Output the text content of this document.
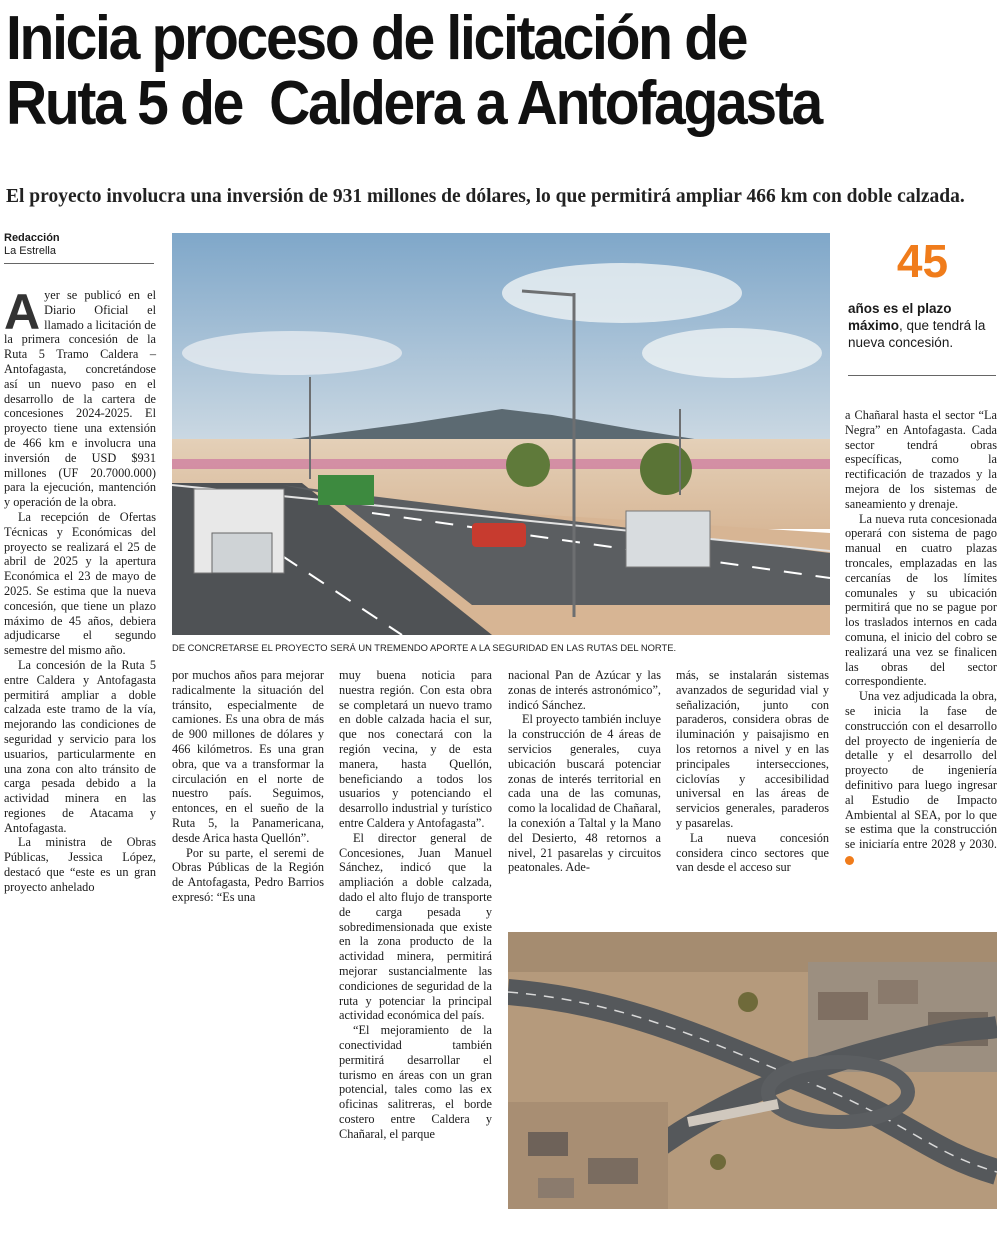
Inicia proceso de licitación de
Ruta 5 de  Caldera a Antofagasta

El proyecto involucra una inversión de 931 millones de dólares, lo que permitirá ampliar 466 km con doble calzada.

Redacción
La Estrella
DE CONCRETARSE EL PROYECTO SERÁ UN TREMENDO APORTE A LA SEGURIDAD EN LAS RUTAS DEL NORTE.
45
años es el plazo máximo, que tendrá la nueva concesión.

Ayer se publicó en el Diario Oficial el llamado a licitación de la primera concesión de la Ruta 5 Tramo Caldera – Antofagasta, concretándose así un nuevo paso en el desarrollo de la cartera de concesiones 2024-2025. El proyecto tiene una extensión de 466 km e involucra una inversión de USD $931 millones (UF 20.7000.000) para la ejecución, mantención y operación de la obra.

La recepción de Ofertas Técnicas y Económicas del proyecto se realizará el 25 de abril de 2025 y la apertura Económica el 23 de mayo de 2025. Se estima que la nueva concesión, que tiene un plazo máximo de 45 años, debiera adjudicarse el segundo semestre del mismo año.

La concesión de la Ruta 5 entre Caldera y Antofagasta permitirá ampliar a doble calzada este tramo de la vía, mejorando las condiciones de seguridad y servicio para los usuarios, particularmente en una zona con alto tránsito de carga pesada debido a la actividad minera en las regiones de Atacama y Antofagasta.

La ministra de Obras Públicas, Jessica López, destacó que “este es un gran proyecto anhelado

por muchos años para mejorar radicalmente la situación del tránsito, especialmente de camiones. Es una obra de más de 900 millones de dólares y 466 kilómetros. Es una gran obra, que va a transformar la circulación en el norte de nuestro país. Seguimos, entonces, en el sueño de la Ruta 5, la Panamericana, desde Arica hasta Quellón”.

Por su parte, el seremi de Obras Públicas de la Región de Antofagasta, Pedro Barrios expresó: “Es una

muy buena noticia para nuestra región. Con esta obra se completará un nuevo tramo en doble calzada hacia el sur, que nos conectará con la región vecina, y de esta manera, hasta Quellón, beneficiando a todos los usuarios y potenciando el desarrollo industrial y turístico entre Caldera y Antofagasta”.

El director general de Concesiones, Juan Manuel Sánchez, indicó que la ampliación a doble calzada, dado el alto flujo de transporte de carga pesada y sobredimensionada que existe en la zona producto de la actividad minera, permitirá mejorar sustancialmente las condiciones de seguridad de la ruta y potenciar la principal actividad económica del país.

“El mejoramiento de la conectividad también permitirá desarrollar el turismo en áreas con un gran potencial, tales como las ex oficinas salitreras, el borde costero entre Caldera y Chañaral, el parque

nacional Pan de Azúcar y las zonas de interés astronómico”, indicó Sánchez.

El proyecto también incluye la construcción de 4 áreas de servicios generales, cuya ubicación buscará potenciar zonas de interés territorial en cada una de las comunas, como la localidad de Chañaral, la conexión a Taltal y la Mano del Desierto, 48 retornos a nivel, 21 pasarelas y circuitos peatonales. Ade-

más, se instalarán sistemas avanzados de seguridad vial y señalización, junto con paraderos, considera obras de iluminación y paisajismo en los retornos a nivel y en las principales intersecciones, ciclovías y accesibilidad universal en las áreas de servicios generales, paraderos y pasarelas.

La nueva concesión considera cinco sectores que van desde el acceso sur

a Chañaral hasta el sector “La Negra” en Antofagasta. Cada sector tendrá obras específicas, como la rectificación de trazados y la mejora de los sistemas de saneamiento y drenaje.

La nueva ruta concesionada operará con sistema de pago manual en cuatro plazas troncales, emplazadas en las cercanías de los límites comunales y su ubicación permitirá que no se pague por los traslados internos en cada comuna, el inicio del cobro se realizará una vez se finalicen las obras del sector correspondiente.

Una vez adjudicada la obra, se inicia la fase de construcción con el desarrollo del proyecto de ingeniería de detalle y el desarrollo del proyecto de ingeniería definitivo para luego ingresar al Estudio de Impacto Ambiental al SEA, por lo que se estima que la construcción se iniciaría entre 2028 y 2030.
